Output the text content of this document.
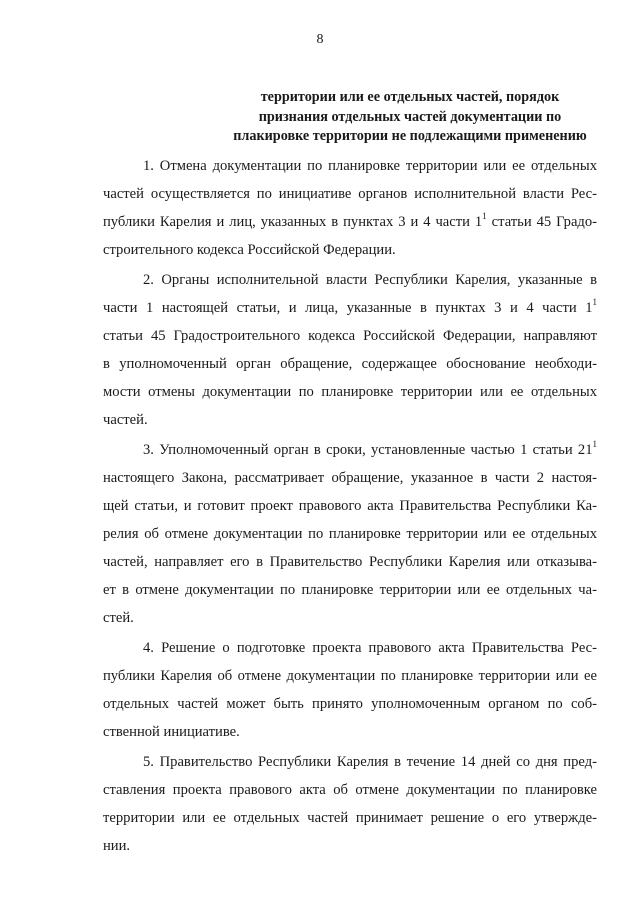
8
территории или ее отдельных частей, порядок
признания отдельных частей документации по
плакировке территории не подлежащими применению
1. Отмена документации по планировке территории или ее отдельных
частей осуществляется по инициативе органов исполнительной власти Рес-
публики Карелия и лиц, указанных в пунктах 3 и 4 части $1^1$ статьи 45 Градо-
строительного кодекса Российской Федерации.
2. Органы исполнительной власти Республики Карелия, указанные в
части 1 настоящей статьи, и лица, указанные в пунктах 3 и 4 части $1^1$
статьи 45 Градостроительного кодекса Российской Федерации, направляют
в уполномоченный орган обращение, содержащее обоснование необходи-
мости отмены документации по планировке территории или ее отдельных
частей.
3. Уполномоченный орган в сроки, установленные частью 1 статьи $21^1$
настоящего Закона, рассматривает обращение, указанное в части 2 настоя-
щей статьи, и готовит проект правового акта Правительства Республики Ка-
релия об отмене документации по планировке территории или ее отдельных
частей, направляет его в Правительство Республики Карелия или отказыва-
ет в отмене документации по планировке территории или ее отдельных ча-
стей.
4. Решение о подготовке проекта правового акта Правительства Рес-
публики Карелия об отмене документации по планировке территории или ее
отдельных частей может быть принято уполномоченным органом по соб-
ственной инициативе.
5. Правительство Республики Карелия в течение 14 дней со дня пред-
ставления проекта правового акта об отмене документации по планировке
территории или ее отдельных частей принимает решение о его утвержде-
нии.
